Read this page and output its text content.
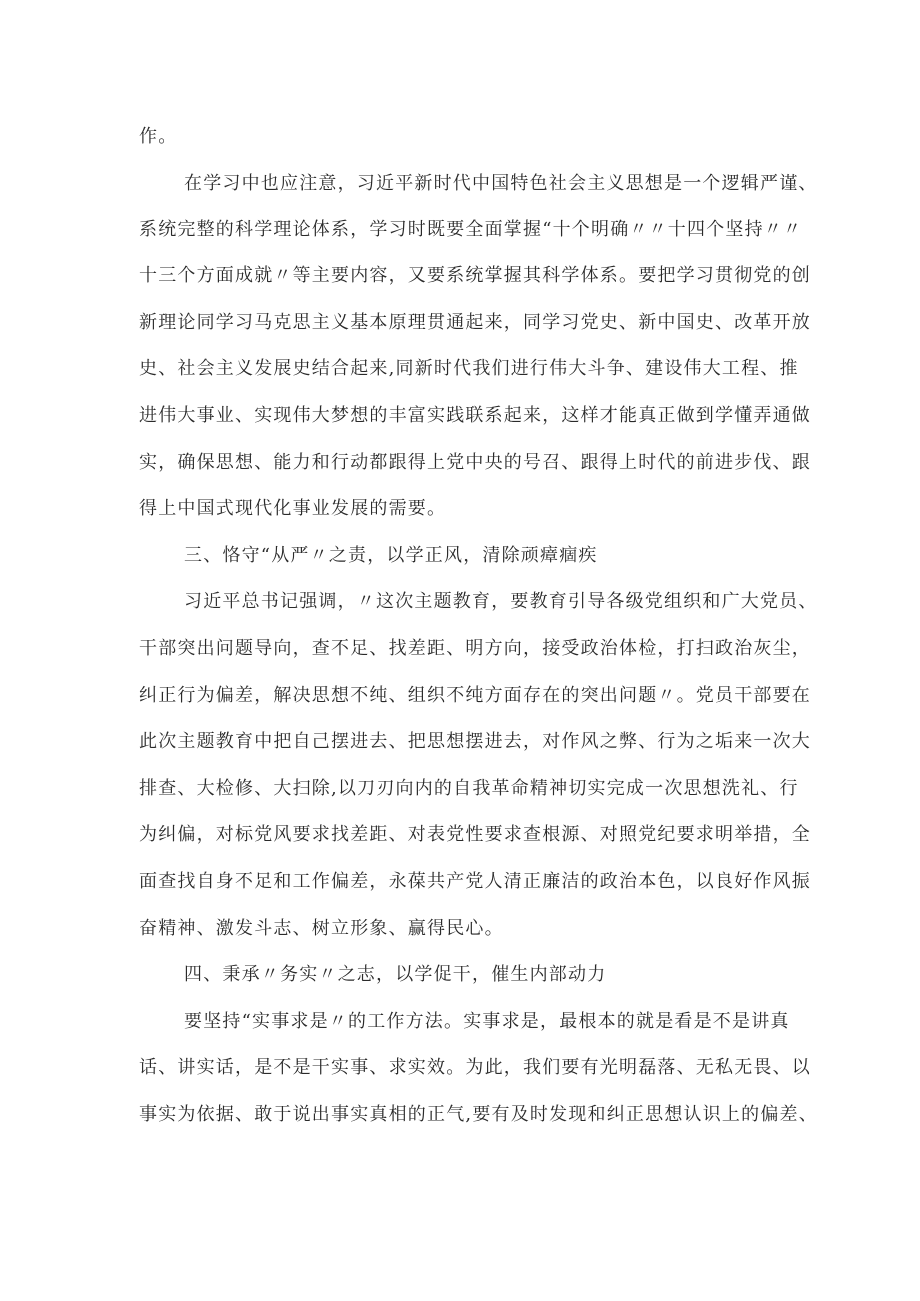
作。
在学习中也应注意，习近平新时代中国特色社会主义思想是一个逻辑严谨、
系统完整的科学理论体系，学习时既要全面掌握“十个明确〃〃十四个坚持〃〃
十三个方面成就〃等主要内容，又要系统掌握其科学体系。要把学习贯彻党的创
新理论同学习马克思主义基本原理贯通起来，同学习党史、新中国史、改革开放
史、社会主义发展史结合起来,同新时代我们进行伟大斗争、建设伟大工程、推
进伟大事业、实现伟大梦想的丰富实践联系起来，这样才能真正做到学懂弄通做
实，确保思想、能力和行动都跟得上党中央的号召、跟得上时代的前进步伐、跟
得上中国式现代化事业发展的需要。
三、恪守“从严〃之责，以学正风，清除顽瘴痼疾
习近平总书记强调，〃这次主题教育，要教育引导各级党组织和广大党员、
干部突出问题导向，查不足、找差距、明方向，接受政治体检，打扫政治灰尘，
纠正行为偏差，解决思想不纯、组织不纯方面存在的突出问题〃。党员干部要在
此次主题教育中把自己摆进去、把思想摆进去，对作风之弊、行为之垢来一次大
排查、大检修、大扫除,以刀刃向内的自我革命精神切实完成一次思想洗礼、行
为纠偏，对标党风要求找差距、对表党性要求查根源、对照党纪要求明举措，全
面查找自身不足和工作偏差，永葆共产党人清正廉洁的政治本色，以良好作风振
奋精神、激发斗志、树立形象、赢得民心。
四、秉承〃务实〃之志，以学促干，催生内部动力
要坚持“实事求是〃的工作方法。实事求是，最根本的就是看是不是讲真
话、讲实话，是不是干实事、求实效。为此，我们要有光明磊落、无私无畏、以
事实为依据、敢于说出事实真相的正气,要有及时发现和纠正思想认识上的偏差、
